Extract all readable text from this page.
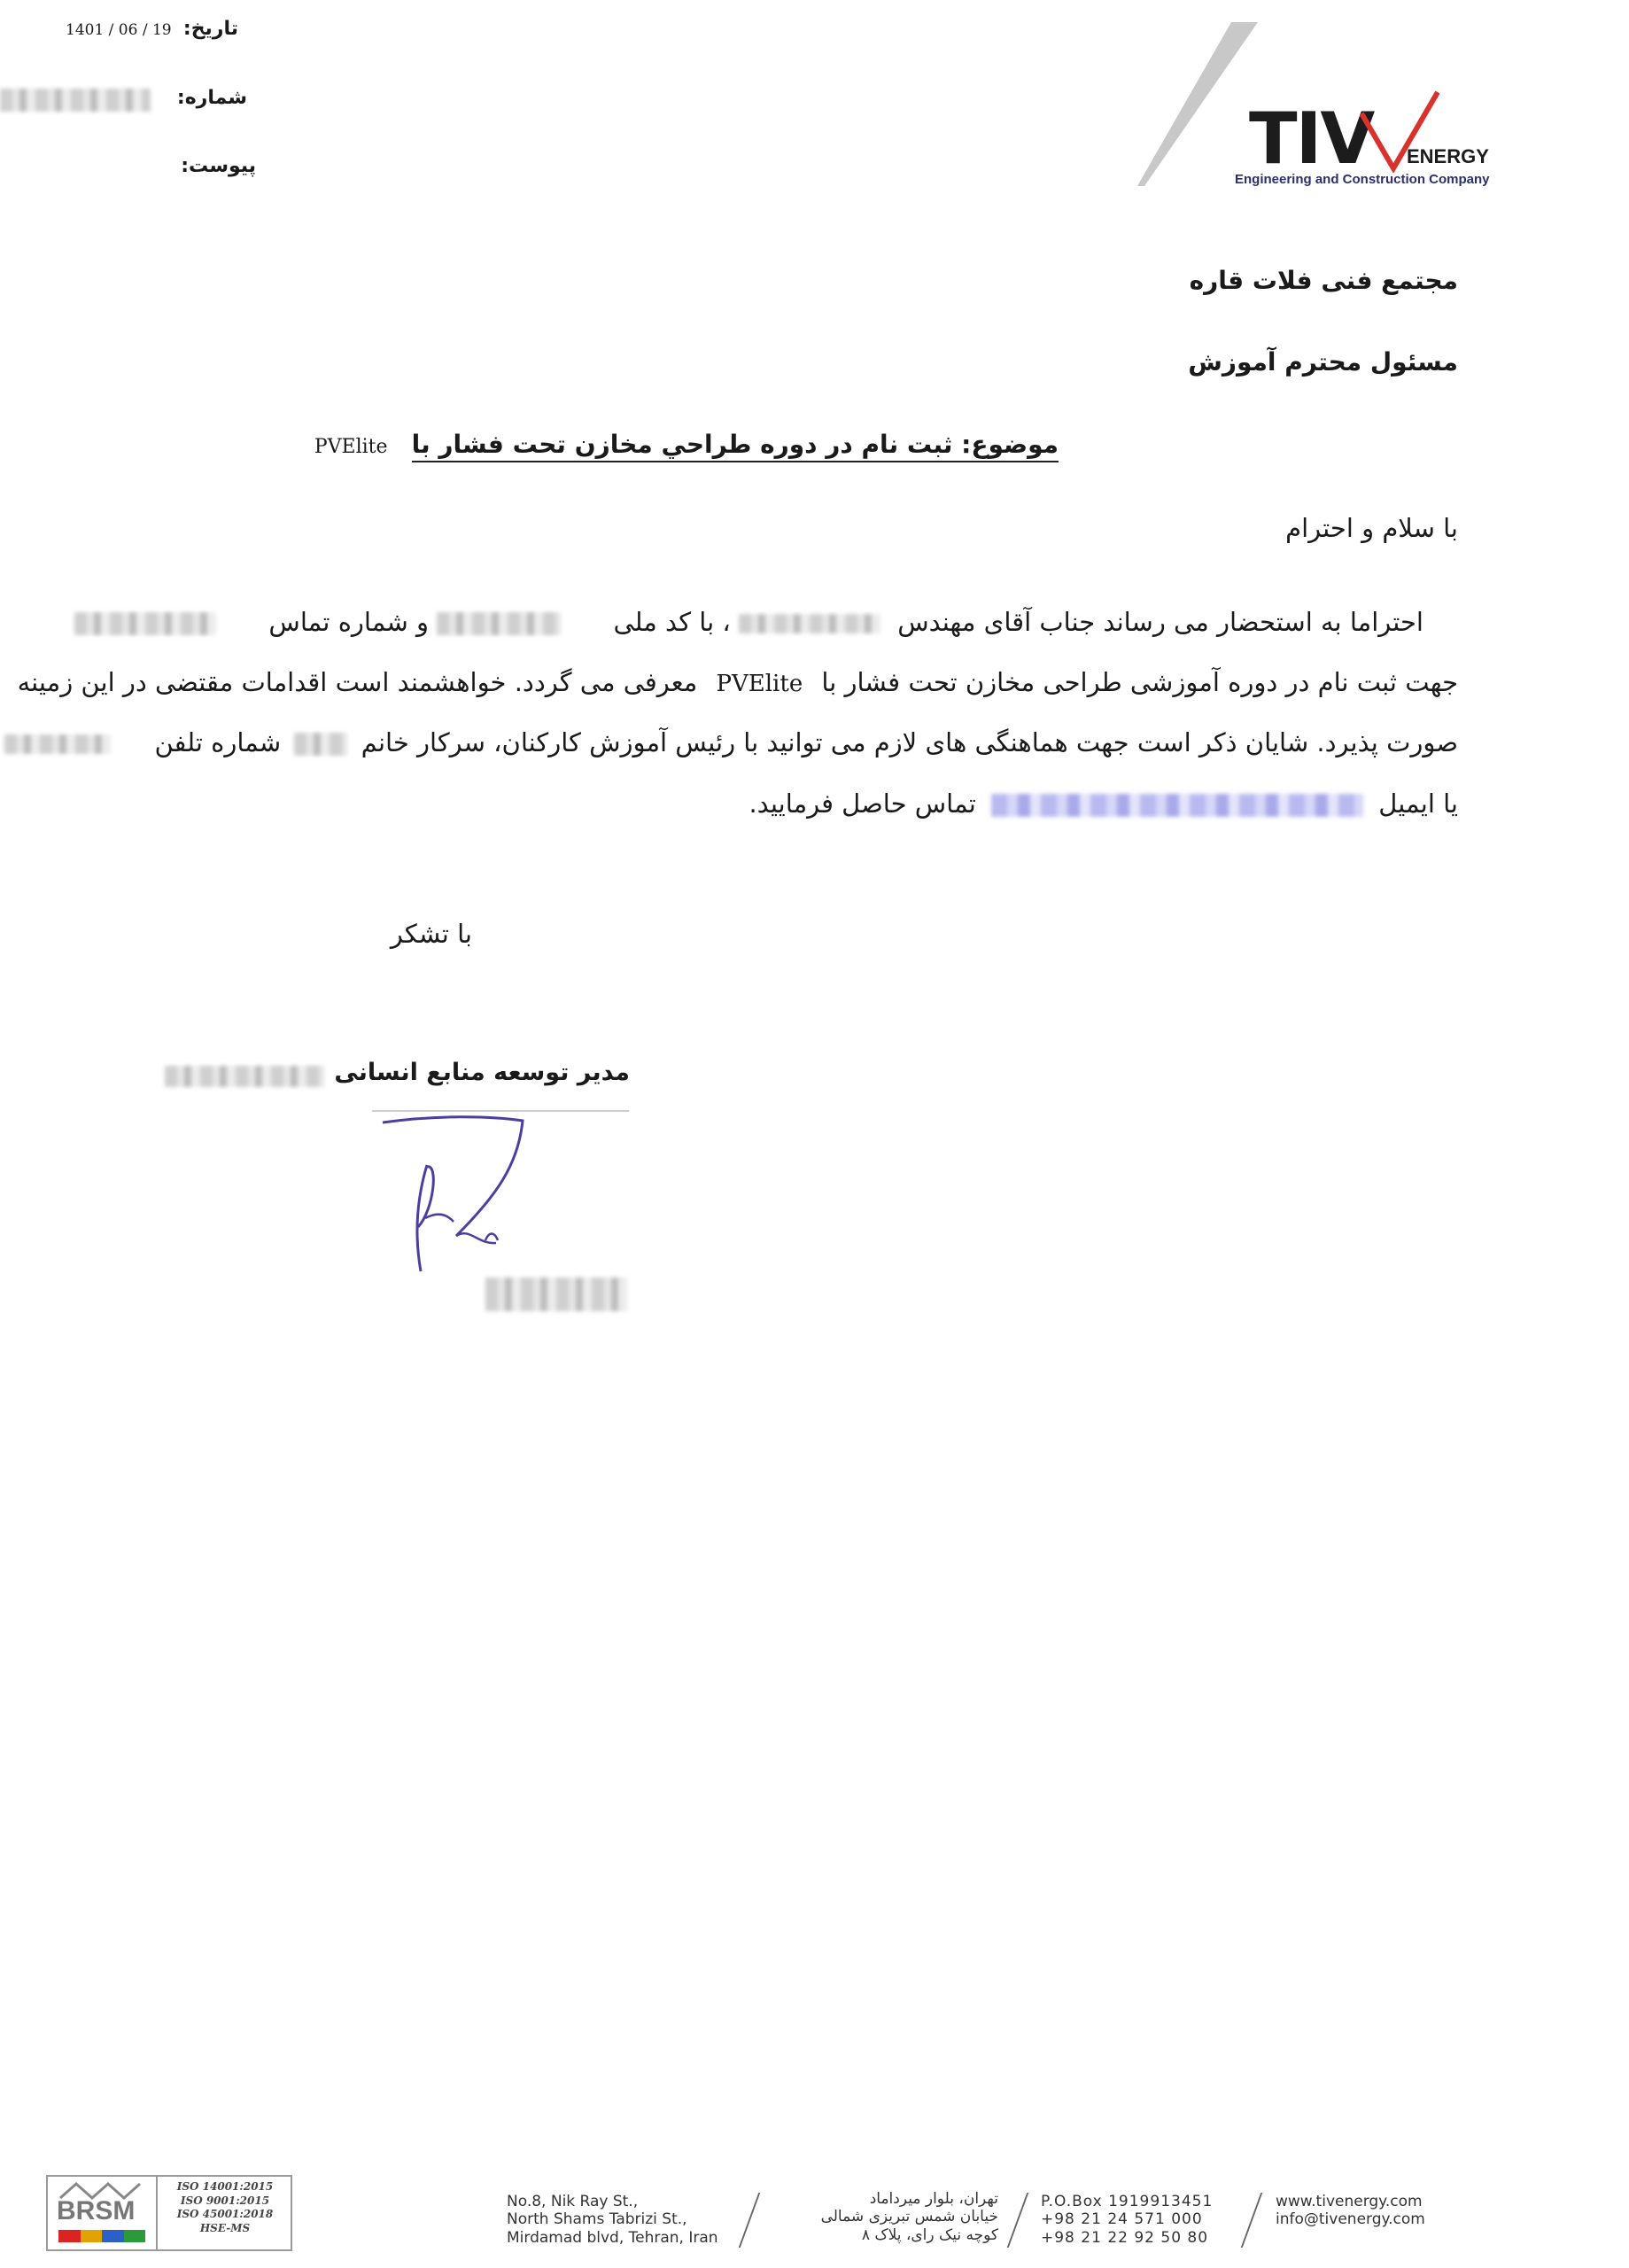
تاریخ:
1401 / 06 / 19
شماره:
پیوست:	TIV ENERGY
Engineering and Construction Company
مجتمع فنی فلات قاره
مسئول محترم آموزش
موضوع: ثبت نام در دوره طراحي مخازن تحت فشار با PVElite
با سلام و احترام
احتراما به استحضار می رساند جناب آقای مهندس  ، با کد ملی  و شماره تماس
جهت ثبت نام در دوره آموزشی طراحی مخازن تحت فشار با PVElite معرفی می گردد. خواهشمند است اقدامات مقتضی در این زمینه
صورت پذیرد. شایان ذکر است جهت هماهنگی های لازم می توانید با رئیس آموزش کارکنان، سرکار خانم  شماره تلفن
یا ایمیل  تماس حاصل فرمایید.
با تشکر
مدیر توسعه منابع انسانی
BRSM
ISO 14001:2015
ISO 9001:2015
ISO 45001:2018
HSE-MS
No.8, Nik Ray St.,
North Shams Tabrizi St.,
Mirdamad blvd, Tehran, Iran
تهران، بلوار میرداماد
خیابان شمس تبریزی شمالی
کوچه نیک رای، پلاک ۸
P.O.Box 1919913451
+98 21 24 571 000
+98 21 22 92 50 80
www.tivenergy.com
info@tivenergy.com
